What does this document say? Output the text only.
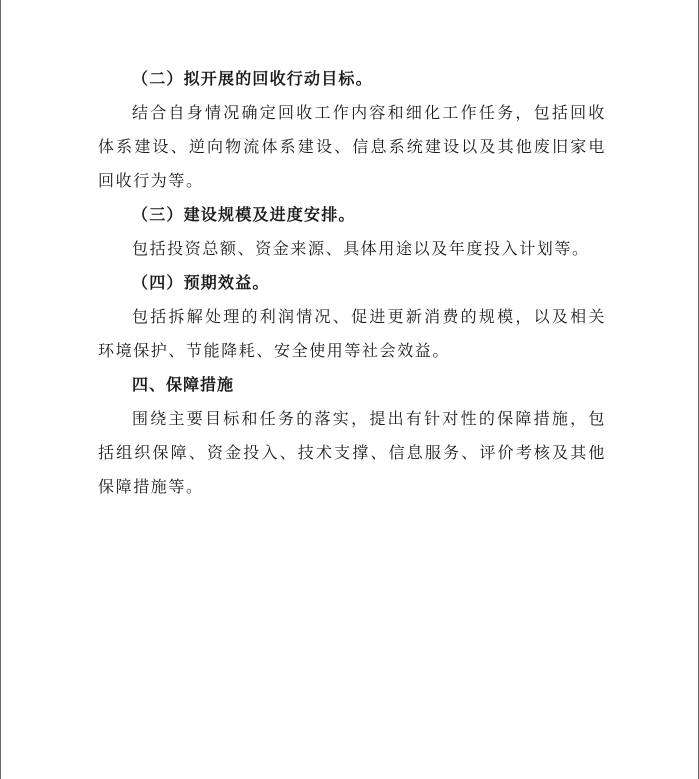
（二）拟开展的回收行动目标。
结合自身情况确定回收工作内容和细化工作任务，包括回收
体系建设、逆向物流体系建设、信息系统建设以及其他废旧家电
回收行为等。
（三）建设规模及进度安排。
包括投资总额、资金来源、具体用途以及年度投入计划等。
（四）预期效益。
包括拆解处理的利润情况、促进更新消费的规模，以及相关
环境保护、节能降耗、安全使用等社会效益。
四、保障措施
围绕主要目标和任务的落实，提出有针对性的保障措施，包
括组织保障、资金投入、技术支撑、信息服务、评价考核及其他
保障措施等。
